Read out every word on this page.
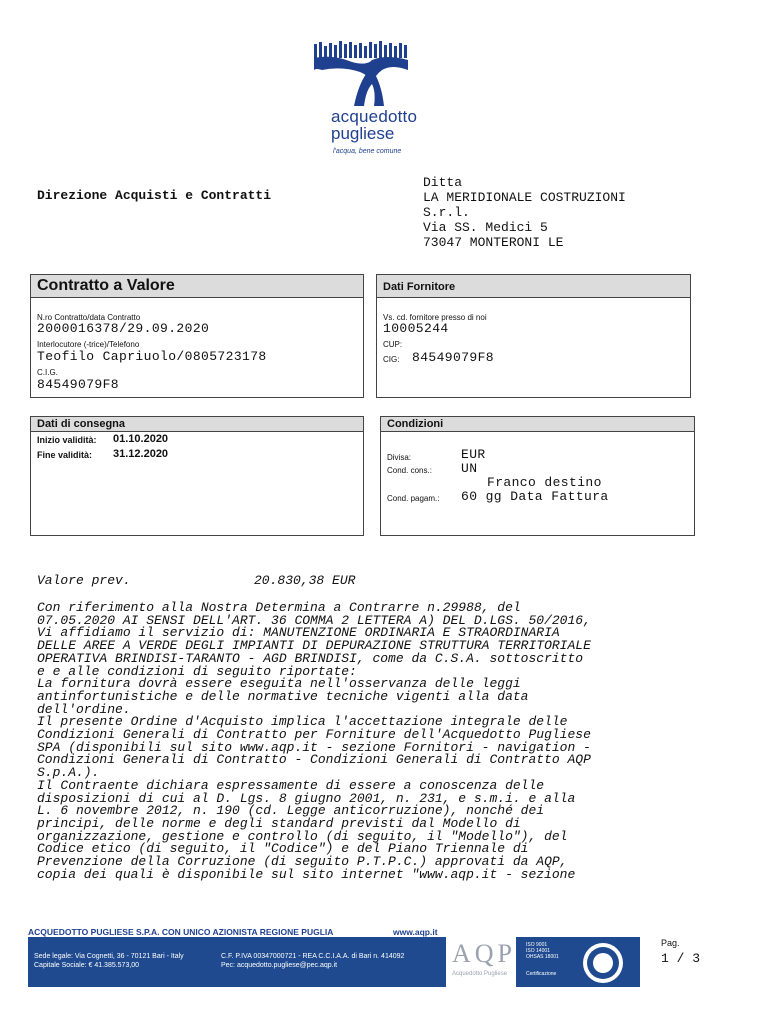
acquedotto
pugliese
l'acqua, bene comune
Direzione Acquisti e Contratti
Ditta
LA MERIDIONALE COSTRUZIONI
S.r.l.
Via SS. Medici 5
73047 MONTERONI LE
Contratto a Valore
N.ro Contratto/data Contratto
2000016378/29.09.2020
Interlocutore (-trice)/Telefono
Teofilo Capriuolo/0805723178
C.I.G.
84549079F8
Dati Fornitore
Vs. cd. fornitore presso di noi
10005244
CUP:
CIG: 84549079F8
Dati di consegna
Inizio validità: 01.10.2020
Fine validità: 31.12.2020
Condizioni
Divisa:	EUR
Cond. cons.: UN
Franco destino
Cond. pagam.: 60 gg Data Fattura
Valore prev.	20.830,38 EUR
Con riferimento alla Nostra Determina a Contrarre n.29988, del
07.05.2020 AI SENSI DELL'ART. 36 COMMA 2 LETTERA A) DEL D.LGS. 50/2016,
Vi affidiamo il servizio di: MANUTENZIONE ORDINARIA E STRAORDINARIA
DELLE AREE A VERDE DEGLI IMPIANTI DI DEPURAZIONE STRUTTURA TERRITORIALE
OPERATIVA BRINDISI-TARANTO - AGD BRINDISI, come da C.S.A. sottoscritto
e e alle condizioni di seguito riportate:
La fornitura dovrà essere eseguita nell'osservanza delle leggi
antinfortunistiche e delle normative tecniche vigenti alla data
dell'ordine.
Il presente Ordine d'Acquisto implica l'accettazione integrale delle
Condizioni Generali di Contratto per Forniture dell'Acquedotto Pugliese
SPA (disponibili sul sito www.aqp.it - sezione Fornitori - navigation -
Condizioni Generali di Contratto - Condizioni Generali di Contratto AQP
S.p.A.).
Il Contraente dichiara espressamente di essere a conoscenza delle
disposizioni di cui al D. Lgs. 8 giugno 2001, n. 231, e s.m.i. e alla
L. 6 novembre 2012, n. 190 (cd. Legge anticorruzione), nonché dei
principi, delle norme e degli standard previsti dal Modello di
organizzazione, gestione e controllo (di seguito, il "Modello"), del
Codice etico (di seguito, il "Codice") e del Piano Triennale di
Prevenzione della Corruzione (di seguito P.T.P.C.) approvati da AQP,
copia dei quali è disponibile sul sito internet "www.aqp.it - sezione
ACQUEDOTTO PUGLIESE S.P.A. CON UNICO AZIONISTA REGIONE PUGLIA	www.aqp.it
Sede legale: Via Cognetti, 36 - 70121 Bari - Italy
Capitale Sociale: € 41.385.573,00
C.F. P.IVA 00347000721 - REA C.C.I.A.A. di Bari n. 414092
Pec: acquedotto.pugliese@pec.aqp.it
ISO 9001
ISO 14001
OHSAS 18001
Certificazione
AQP
Acquedotto Pugliese
Pag.
1 / 3
